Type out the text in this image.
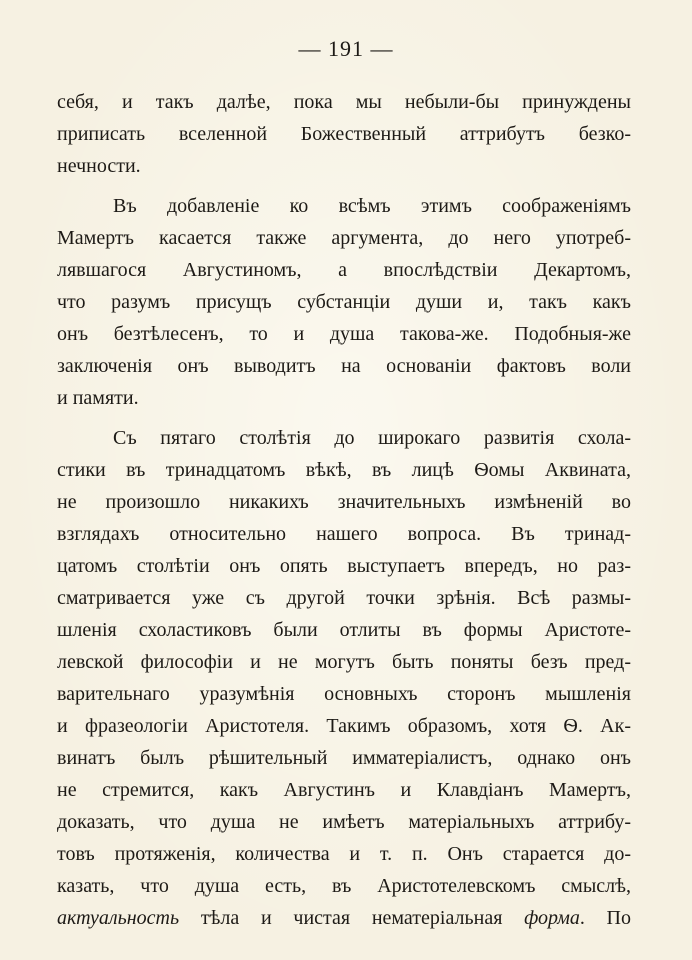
— 191 —
себя, и такъ далѣе, пока мы небыли-бы принуждены
приписать вселенной Божественный аттрибутъ безко-
нечности.
Въ добавленіе ко всѣмъ этимъ соображеніямъ
Мамертъ касается также аргумента, до него употреб-
лявшагося Августиномъ, а впослѣдствіи Декартомъ,
что разумъ присущъ субстанціи души и, такъ какъ
онъ безтѣлесенъ, то и душа такова-же. Подобныя-же
заключенія онъ выводитъ на основаніи фактовъ воли
и памяти.
Съ пятаго столѣтія до широкаго развитія схола-
стики въ тринадцатомъ вѣкѣ, въ лицѣ Ѳомы Аквината,
не произошло никакихъ значительныхъ измѣненій во
взглядахъ относительно нашего вопроса. Въ тринад-
цатомъ столѣтіи онъ опять выступаетъ впередъ, но раз-
сматривается уже съ другой точки зрѣнія. Всѣ размы-
шленія схоластиковъ были отлиты въ формы Аристоте-
левской философіи и не могутъ быть поняты безъ пред-
варительнаго уразумѣнія основныхъ сторонъ мышленія
и фразеологіи Аристотеля. Такимъ образомъ, хотя Ѳ. Ак-
винатъ былъ рѣшительный имматеріалистъ, однако онъ
не стремится, какъ Августинъ и Клавдіанъ Мамертъ,
доказать, что душа не имѣетъ матеріальныхъ аттрибу-
товъ протяженія, количества и т. п. Онъ старается до-
казать, что душа есть, въ Аристотелевскомъ смыслѣ,
актуальность тѣла и чистая нематеріальная форма. По
